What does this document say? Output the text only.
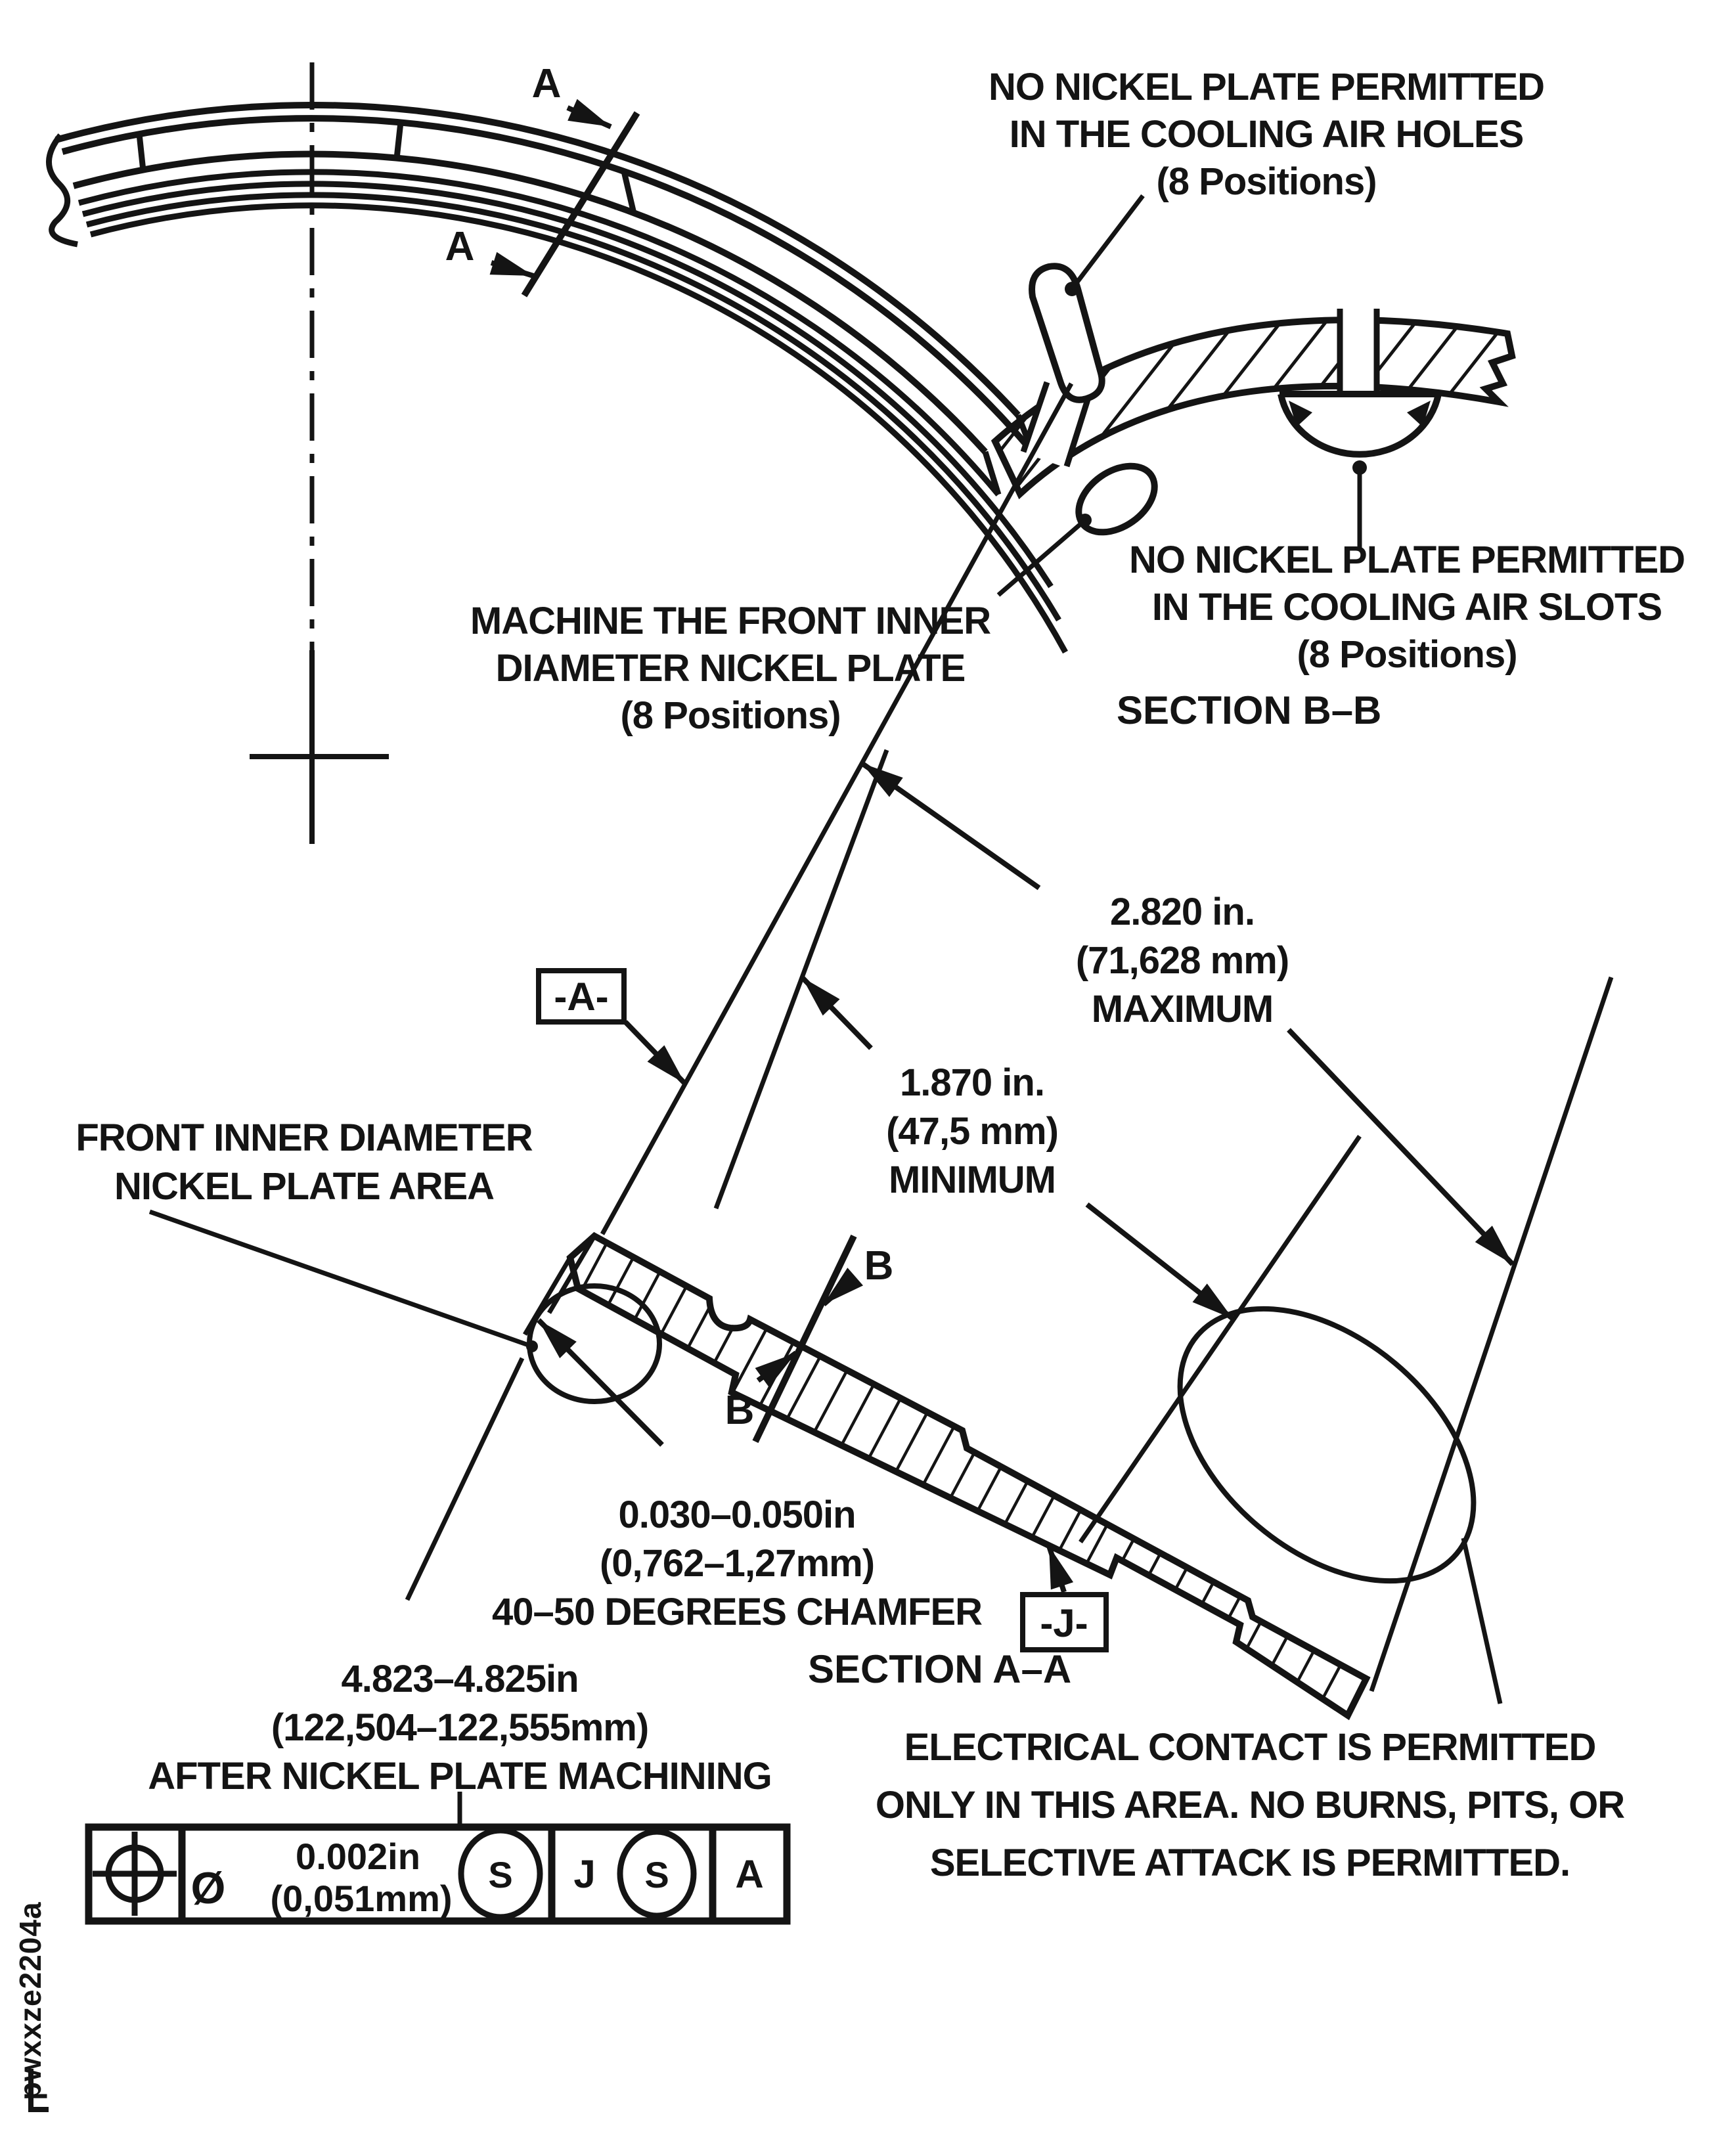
A
A
NO NICKEL PLATE PERMITTED
IN THE COOLING AIR HOLES
(8 Positions)
NO NICKEL PLATE PERMITTED
IN THE COOLING AIR SLOTS
(8 Positions)
MACHINE THE FRONT INNER
DIAMETER NICKEL PLATE
(8 Positions)	SECTION B–B
B
B
-A-
-J-
2.820 in.
(71,628 mm)
MAXIMUM
1.870 in.
(47,5 mm)
MINIMUM
0.030–0.050in
(0,762–1,27mm)
40–50 DEGREES CHAMFER
FRONT INNER DIAMETER
NICKEL PLATE AREA
4.823–4.825in
(122,504–122,555mm)
AFTER NICKEL PLATE MACHINING
SECTION A–A
ELECTRICAL CONTACT IS PERMITTED
ONLY IN THIS AREA. NO BURNS, PITS, OR
SELECTIVE ATTACK IS PERMITTED.
Ø
0.002in
(0,051mm)
S J S A
pwxxze2204a
